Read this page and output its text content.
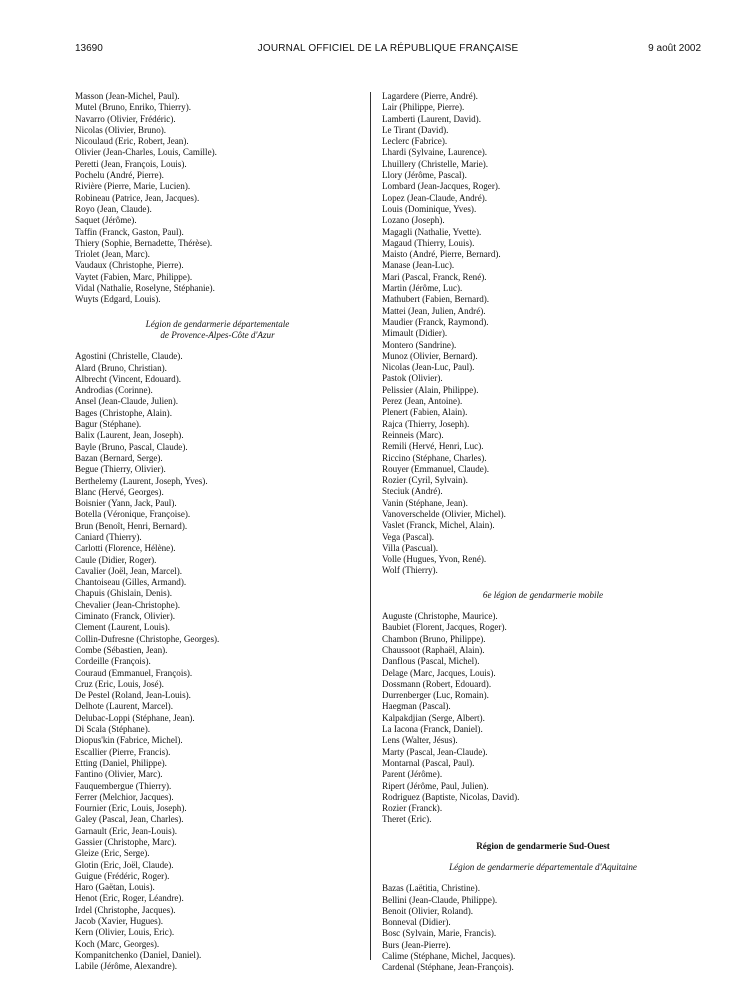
13690	JOURNAL OFFICIEL DE LA RÉPUBLIQUE FRANÇAISE	9 août 2002
Masson (Jean-Michel, Paul).
Mutel (Bruno, Enriko, Thierry).
Navarro (Olivier, Frédéric).
Nicolas (Olivier, Bruno).
Nicoulaud (Eric, Robert, Jean).
Olivier (Jean-Charles, Louis, Camille).
Peretti (Jean, François, Louis).
Pochelu (André, Pierre).
Rivière (Pierre, Marie, Lucien).
Robineau (Patrice, Jean, Jacques).
Royo (Jean, Claude).
Saquet (Jérôme).
Taffin (Franck, Gaston, Paul).
Thiery (Sophie, Bernadette, Thérèse).
Triolet (Jean, Marc).
Vaudaux (Christophe, Pierre).
Vaytet (Fabien, Marc, Philippe).
Vidal (Nathalie, Roselyne, Stéphanie).
Wuyts (Edgard, Louis).
Légion de gendarmerie départementale
de Provence-Alpes-Côte d'Azur
Agostini (Christelle, Claude).
Alard (Bruno, Christian).
Albrecht (Vincent, Edouard).
Androdias (Corinne).
Ansel (Jean-Claude, Julien).
Bages (Christophe, Alain).
Bagur (Stéphane).
Balix (Laurent, Jean, Joseph).
Bayle (Bruno, Pascal, Claude).
Bazan (Bernard, Serge).
Begue (Thierry, Olivier).
Berthelemy (Laurent, Joseph, Yves).
Blanc (Hervé, Georges).
Boisnier (Yann, Jack, Paul).
Botella (Véronique, Françoise).
Brun (Benoît, Henri, Bernard).
Caniard (Thierry).
Carlotti (Florence, Hélène).
Caule (Didier, Roger).
Cavalier (Joël, Jean, Marcel).
Chantoiseau (Gilles, Armand).
Chapuis (Ghislain, Denis).
Chevalier (Jean-Christophe).
Ciminato (Franck, Olivier).
Clement (Laurent, Louis).
Collin-Dufresne (Christophe, Georges).
Combe (Sébastien, Jean).
Cordeille (François).
Couraud (Emmanuel, François).
Cruz (Eric, Louis, José).
De Pestel (Roland, Jean-Louis).
Delhote (Laurent, Marcel).
Delubac-Loppi (Stéphane, Jean).
Di Scala (Stéphane).
Diopus'kin (Fabrice, Michel).
Escallier (Pierre, Francis).
Etting (Daniel, Philippe).
Fantino (Olivier, Marc).
Fauquembergue (Thierry).
Ferrer (Melchior, Jacques).
Fournier (Eric, Louis, Joseph).
Galey (Pascal, Jean, Charles).
Garnault (Eric, Jean-Louis).
Gassier (Christophe, Marc).
Gleize (Eric, Serge).
Glotin (Eric, Joël, Claude).
Guigue (Frédéric, Roger).
Haro (Gaëtan, Louis).
Henot (Eric, Roger, Léandre).
Irdel (Christophe, Jacques).
Jacob (Xavier, Hugues).
Kern (Olivier, Louis, Eric).
Koch (Marc, Georges).
Kompanitchenko (Daniel, Daniel).
Labile (Jérôme, Alexandre).
Lagardere (Pierre, André).
Lair (Philippe, Pierre).
Lamberti (Laurent, David).
Le Tirant (David).
Leclerc (Fabrice).
Lhardi (Sylvaine, Laurence).
Lhuillery (Christelle, Marie).
Llory (Jérôme, Pascal).
Lombard (Jean-Jacques, Roger).
Lopez (Jean-Claude, André).
Louis (Dominique, Yves).
Lozano (Joseph).
Magagli (Nathalie, Yvette).
Magaud (Thierry, Louis).
Maisto (André, Pierre, Bernard).
Manase (Jean-Luc).
Mari (Pascal, Franck, René).
Martin (Jérôme, Luc).
Mathubert (Fabien, Bernard).
Mattei (Jean, Julien, André).
Maudier (Franck, Raymond).
Mimault (Didier).
Montero (Sandrine).
Munoz (Olivier, Bernard).
Nicolas (Jean-Luc, Paul).
Pastok (Olivier).
Pelissier (Alain, Philippe).
Perez (Jean, Antoine).
Plenert (Fabien, Alain).
Rajca (Thierry, Joseph).
Reinneis (Marc).
Remili (Hervé, Henri, Luc).
Riccino (Stéphane, Charles).
Rouyer (Emmanuel, Claude).
Rozier (Cyril, Sylvain).
Steciuk (André).
Vanin (Stéphane, Jean).
Vanoverschelde (Olivier, Michel).
Vaslet (Franck, Michel, Alain).
Vega (Pascal).
Villa (Pascual).
Volle (Hugues, Yvon, René).
Wolf (Thierry).
6e légion de gendarmerie mobile
Auguste (Christophe, Maurice).
Baubiet (Florent, Jacques, Roger).
Chambon (Bruno, Philippe).
Chaussoot (Raphaël, Alain).
Danflous (Pascal, Michel).
Delage (Marc, Jacques, Louis).
Dossmann (Robert, Edouard).
Durrenberger (Luc, Romain).
Haegman (Pascal).
Kalpakdjian (Serge, Albert).
La Iacona (Franck, Daniel).
Lens (Walter, Jésus).
Marty (Pascal, Jean-Claude).
Montarnal (Pascal, Paul).
Parent (Jérôme).
Ripert (Jérôme, Paul, Julien).
Rodriguez (Baptiste, Nicolas, David).
Rozier (Franck).
Theret (Eric).
Région de gendarmerie Sud-Ouest
Légion de gendarmerie départementale d'Aquitaine
Bazas (Laëtitia, Christine).
Bellini (Jean-Claude, Philippe).
Benoit (Olivier, Roland).
Bonneval (Didier).
Bosc (Sylvain, Marie, Francis).
Burs (Jean-Pierre).
Calime (Stéphane, Michel, Jacques).
Cardenal (Stéphane, Jean-François).
